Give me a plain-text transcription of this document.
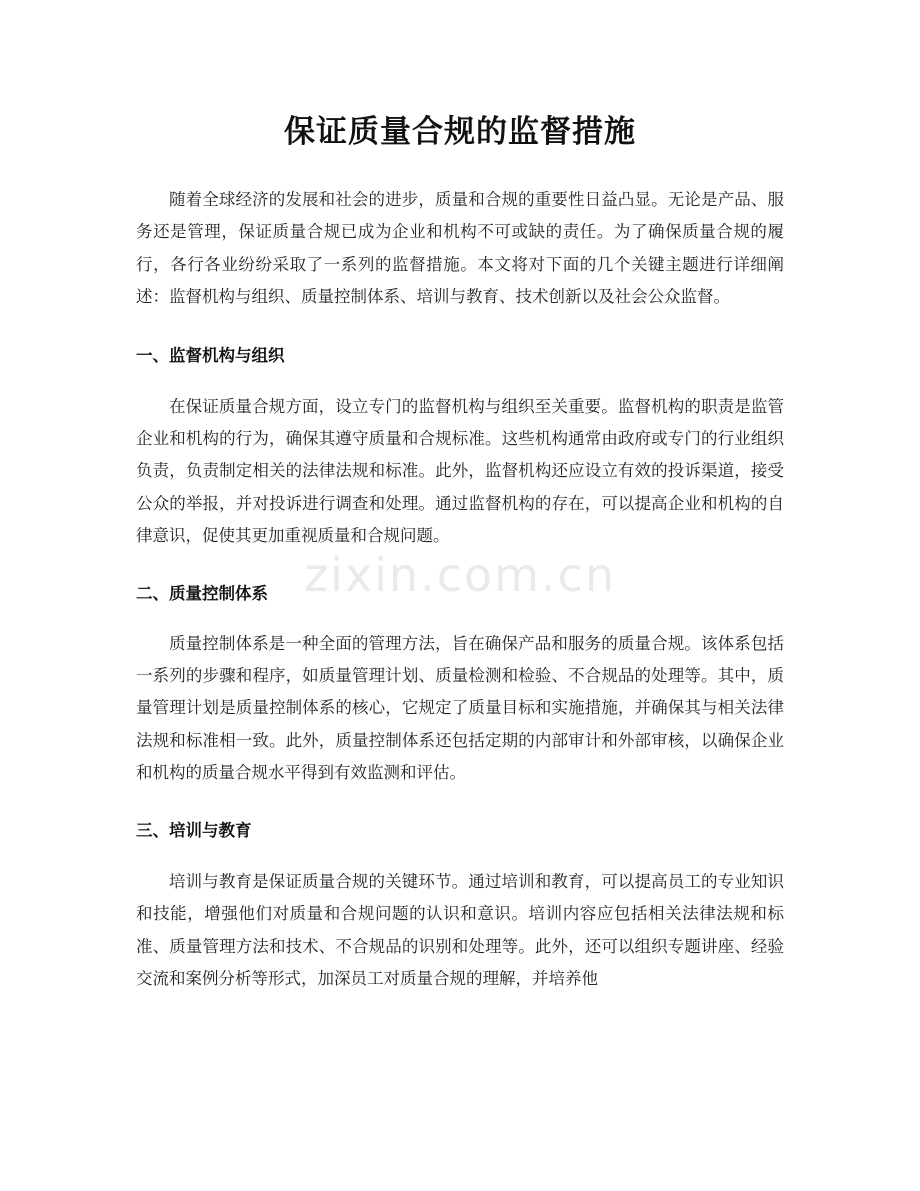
保证质量合规的监督措施

随着全球经济的发展和社会的进步，质量和合规的重要性日益凸显。无论是产品、服务还是管理，保证质量合规已成为企业和机构不可或缺的责任。为了确保质量合规的履行，各行各业纷纷采取了一系列的监督措施。本文将对下面的几个关键主题进行详细阐述：监督机构与组织、质量控制体系、培训与教育、技术创新以及社会公众监督。

一、监督机构与组织

在保证质量合规方面，设立专门的监督机构与组织至关重要。监督机构的职责是监管企业和机构的行为，确保其遵守质量和合规标准。这些机构通常由政府或专门的行业组织负责，负责制定相关的法律法规和标准。此外，监督机构还应设立有效的投诉渠道，接受公众的举报，并对投诉进行调查和处理。通过监督机构的存在，可以提高企业和机构的自律意识，促使其更加重视质量和合规问题。

二、质量控制体系

质量控制体系是一种全面的管理方法，旨在确保产品和服务的质量合规。该体系包括一系列的步骤和程序，如质量管理计划、质量检测和检验、不合规品的处理等。其中，质量管理计划是质量控制体系的核心，它规定了质量目标和实施措施，并确保其与相关法律法规和标准相一致。此外，质量控制体系还包括定期的内部审计和外部审核，以确保企业和机构的质量合规水平得到有效监测和评估。

三、培训与教育

培训与教育是保证质量合规的关键环节。通过培训和教育，可以提高员工的专业知识和技能，增强他们对质量和合规问题的认识和意识。培训内容应包括相关法律法规和标准、质量管理方法和技术、不合规品的识别和处理等。此外，还可以组织专题讲座、经验交流和案例分析等形式，加深员工对质量合规的理解，并培养他

zixin.com.cn
